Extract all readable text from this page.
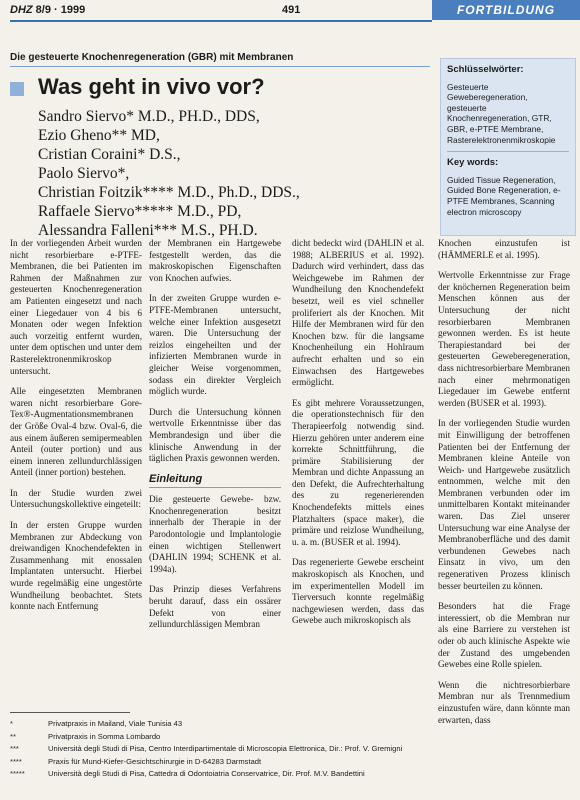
DHZ 8/9 · 1999	491	FORTBILDUNG
Die gesteuerte Knochenregeneration (GBR) mit Membranen
Was geht in vivo vor?
Sandro Siervo* M.D., PH.D., DDS,
Ezio Gheno** MD,
Cristian Coraini* D.S.,
Paolo Siervo*,
Christian Foitzik**** M.D., Ph.D., DDS.,
Raffaele Siervo***** M.D., PD,
Alessandra Falleni*** M.S., PH.D.
Schlüsselwörter:
Gesteuerte Geweberegeneration, gesteuerte Knochenregeneration, GTR, GBR, e-PTFE Membrane, Rasterelektronenmikroskopie
Key words:
Guided Tissue Regeneration, Guided Bone Regeneration, e-PTFE Membranes, Scanning electron microscopy

In der vorliegenden Arbeit wurden nicht resorbierbare e-PTFE-Membranen, die bei Patienten im Rahmen der Maßnahmen zur gesteuerten Knochenregeneration am Patienten eingesetzt und nach einer Liegedauer von 4 bis 6 Monaten oder wegen Infektion auch vorzeitig entfernt wurden, unter dem optischen und unter dem Rasterelektronenmikroskop untersucht.

Alle eingesetzten Membranen waren nicht resorbierbare Gore-Tex®-Augmentationsmembranen der Größe Oval-4 bzw. Oval-6, die aus einem äußeren semipermeablen Anteil (outer portion) und aus einem inneren zellundurchlässigen Anteil (inner portion) bestehen.

In der Studie wurden zwei Untersuchungskollektive eingeteilt:

In der ersten Gruppe wurden Membranen zur Abdeckung von dreiwandigen Knochendefekten in Zusammenhang mit enossalen Implantaten untersucht. Hierbei wurde regelmäßig eine ungestörte Wundheilung beobachtet. Stets konnte nach Entfernung

der Membranen ein Hartgewebe festgestellt werden, das die makroskopischen Eigenschaften von Knochen aufwies.

In der zweiten Gruppe wurden e-PTFE-Membranen untersucht, welche einer Infektion ausgesetzt waren. Die Untersuchung der reizlos eingeheilten und der infizierten Membranen wurde in gleicher Weise vorgenommen, sodass ein direkter Vergleich möglich wurde.

Durch die Untersuchung können wertvolle Erkenntnisse über das Membrandesign und über die klinische Anwendung in der täglichen Praxis gewonnen werden.

Einleitung

Die gesteuerte Gewebe- bzw. Knochenregeneration besitzt innerhalb der Therapie in der Parodontologie und Implantologie einen wichtigen Stellenwert (DAHLIN 1994; SCHENK et al. 1994a).

Das Prinzip dieses Verfahrens beruht darauf, dass ein ossärer Defekt von einer zellundurchlässigen Membran

dicht bedeckt wird (DAHLIN et al. 1988; ALBERIUS et al. 1992). Dadurch wird verhindert, dass das Weichgewebe im Rahmen der Wundheilung den Knochendefekt besetzt, weil es viel schneller proliferiert als der Knochen. Mit Hilfe der Membranen wird für den Knochen bzw. für die langsame Knochenheilung ein Hohlraum aufrecht erhalten und so ein Einwachsen des Hartgewebes ermöglicht.

Es gibt mehrere Voraussetzungen, die operationstechnisch für den Therapieerfolg notwendig sind. Hierzu gehören unter anderem eine korrekte Schnittführung, die primäre Stabilisierung der Membran und dichte Anpassung an den Defekt, die Aufrechterhaltung des zu regenerierenden Knochendefekts mittels eines Platzhalters (space maker), die primäre und reizlose Wundheilung, u. a. m. (BUSER et al. 1994).

Das regenerierte Gewebe erscheint makroskopisch als Knochen, und im experimentellen Modell im Tierversuch konnte regelmäßig nachgewiesen werden, dass das Gewebe auch mikroskopisch als

Knochen einzustufen ist (HÄMMERLE et al. 1995).

Wertvolle Erkenntnisse zur Frage der knöchernen Regeneration beim Menschen können aus der Untersuchung der nicht resorbierbaren Membranen gewonnen werden. Es ist heute Therapiestandard bei der gesteuerten Geweberegeneration, dass nichtresorbierbare Membranen nach einer mehrmonatigen Liegedauer im Gewebe entfernt werden (BUSER et al. 1993).

In der vorliegenden Studie wurden mit Einwilligung der betroffenen Patienten bei der Entfernung der Membranen kleine Anteile von Weich- und Hartgewebe zusätzlich entnommen, welche mit den Membranen verbunden oder im unmittelbaren Kontakt miteinander waren. Das Ziel unserer Untersuchung war eine Analyse der Membranoberfläche und des damit verbundenen Gewebes nach Einsatz in vivo, um den regenerativen Prozess klinisch besser beurteilen zu können.

Besonders hat die Frage interessiert, ob die Membran nur als eine Barriere zu verstehen ist oder ob auch klinische Aspekte wie der Zustand des umgebenden Gewebes eine Rolle spielen.

Wenn die nichtresorbierbare Membran nur als Trennmedium einzustufen wäre, dann könnte man erwarten, dass

*	Privatpraxis in Mailand, Viale Tunisia 43
**	Privatpraxis in Somma Lombardo
***	Università degli Studi di Pisa, Centro Interdipartimentale di Microscopia Elettronica, Dir.: Prof. V. Gremigni
****	Praxis für Mund-Kiefer-Gesichtschirurgie in D-64283 Darmstadt
*****	Università degli Studi di Pisa, Cattedra di Odontoiatria Conservatrice, Dir. Prof. M.V. Bandettini
